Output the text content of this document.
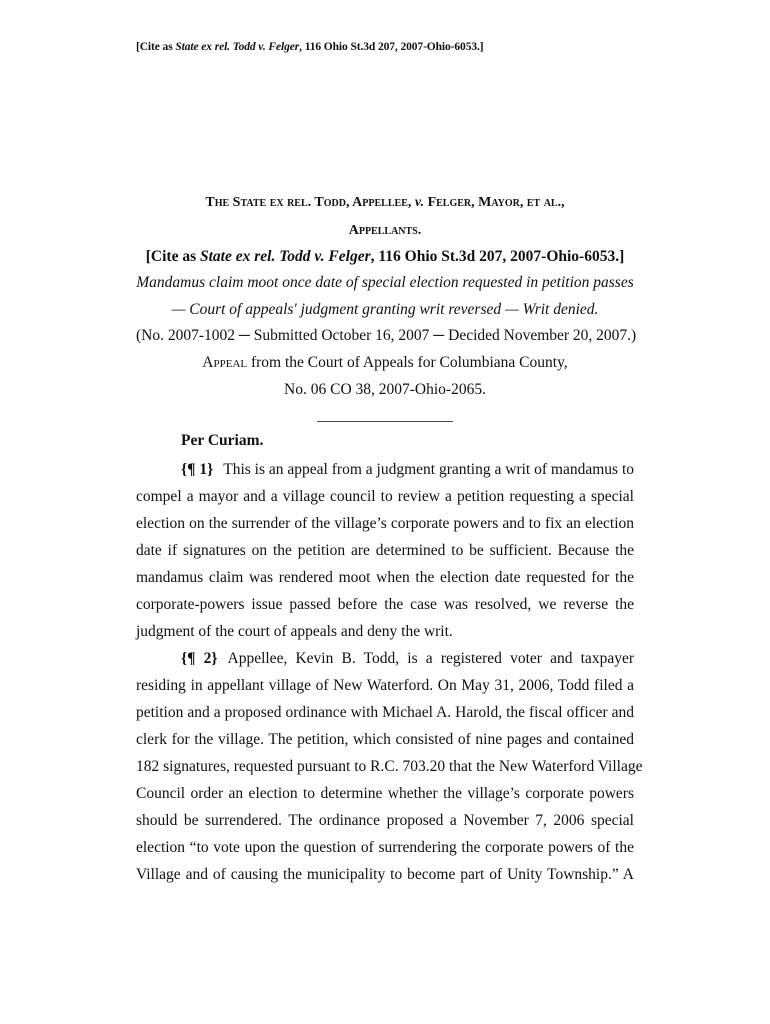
[Cite as State ex rel. Todd v. Felger, 116 Ohio St.3d 207, 2007-Ohio-6053.]
The State ex rel. Todd, Appellee, v. Felger, Mayor, et al.,
Appellants.
[Cite as State ex rel. Todd v. Felger, 116 Ohio St.3d 207, 2007-Ohio-6053.]
Mandamus claim moot once date of special election requested in petition passes
— Court of appeals' judgment granting writ reversed — Writ denied.
(No. 2007-1002 ─ Submitted October 16, 2007 ─ Decided November 20, 2007.)
Appeal from the Court of Appeals for Columbiana County,
No. 06 CO 38, 2007-Ohio-2065.
Per Curiam.
{¶ 1} This is an appeal from a judgment granting a writ of mandamus to
compel a mayor and a village council to review a petition requesting a special
election on the surrender of the village’s corporate powers and to fix an election
date if signatures on the petition are determined to be sufficient. Because the
mandamus claim was rendered moot when the election date requested for the
corporate-powers issue passed before the case was resolved, we reverse the
judgment of the court of appeals and deny the writ.
{¶ 2} Appellee, Kevin B. Todd, is a registered voter and taxpayer
residing in appellant village of New Waterford. On May 31, 2006, Todd filed a
petition and a proposed ordinance with Michael A. Harold, the fiscal officer and
clerk for the village. The petition, which consisted of nine pages and contained
182 signatures, requested pursuant to R.C. 703.20 that the New Waterford Village
Council order an election to determine whether the village’s corporate powers
should be surrendered. The ordinance proposed a November 7, 2006 special
election “to vote upon the question of surrendering the corporate powers of the
Village and of causing the municipality to become part of Unity Township.” A
